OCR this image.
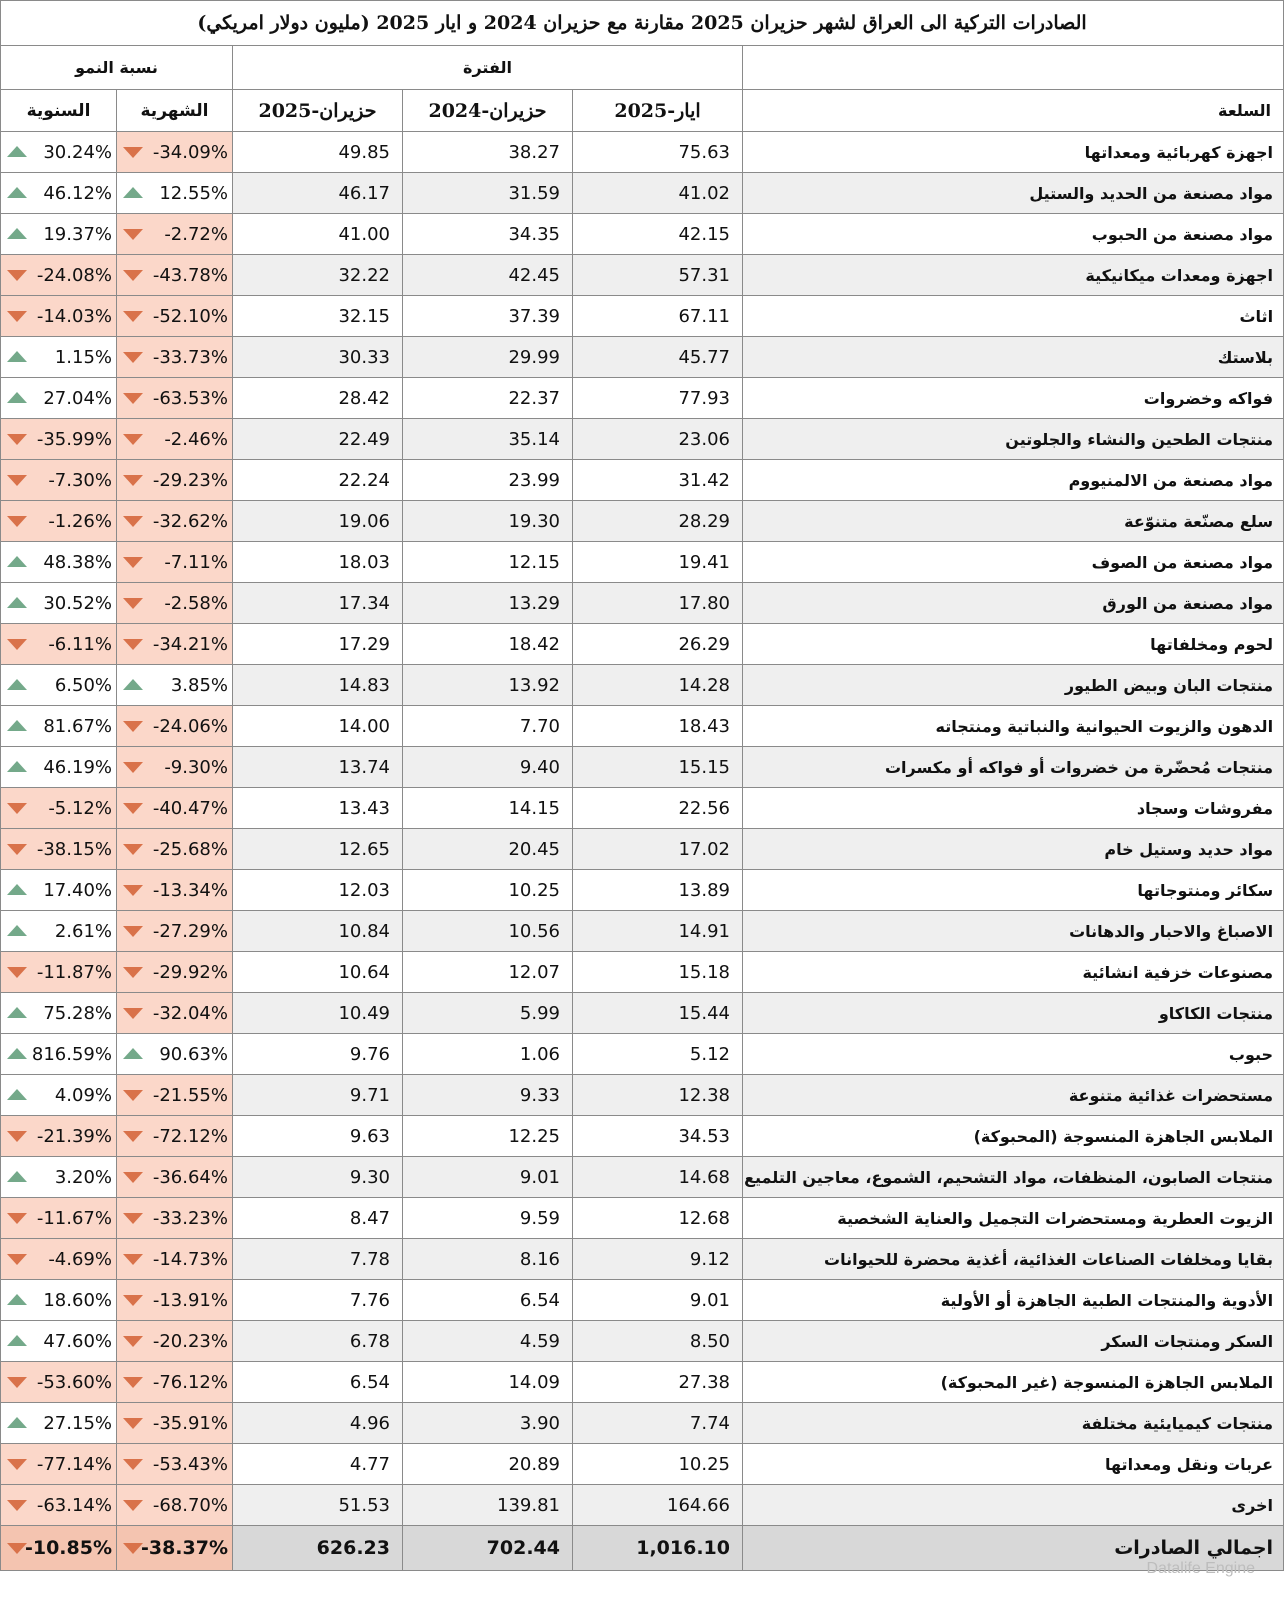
الصادرات التركية الى العراق لشهر حزيران 2025 مقارنة مع حزيران 2024 و ايار 2025 (مليون دولار امريكي)					
نسبة النمو		الفترة			
السنوية	الشهرية	حزيران-2025	حزيران-2024	ايار-2025	السلعة

30.24%	-34.09%	49.85	38.27	75.63	اجهزة كهربائية ومعداتها

46.12%	12.55%	46.17	31.59	41.02	مواد مصنعة من الحديد والستيل

19.37%	-2.72%	41.00	34.35	42.15	مواد مصنعة من الحبوب

-24.08%	-43.78%	32.22	42.45	57.31	اجهزة ومعدات ميكانيكية

-14.03%	-52.10%	32.15	37.39	67.11	اثاث

1.15%	-33.73%	30.33	29.99	45.77	بلاستك

27.04%	-63.53%	28.42	22.37	77.93	فواكه وخضروات

-35.99%	-2.46%	22.49	35.14	23.06	منتجات الطحين والنشاء والجلوتين

-7.30%	-29.23%	22.24	23.99	31.42	مواد مصنعة من الالمنيووم

-1.26%	-32.62%	19.06	19.30	28.29	سلع مصنّعة متنوّعة

48.38%	-7.11%	18.03	12.15	19.41	مواد مصنعة من الصوف

30.52%	-2.58%	17.34	13.29	17.80	مواد مصنعة من الورق

-6.11%	-34.21%	17.29	18.42	26.29	لحوم ومخلفاتها

6.50%	3.85%	14.83	13.92	14.28	منتجات البان وبيض الطيور

81.67%	-24.06%	14.00	7.70	18.43	الدهون والزيوت الحيوانية والنباتية ومنتجاته

46.19%	-9.30%	13.74	9.40	15.15	منتجات مُحضّرة من خضروات أو فواكه أو مكسرات

-5.12%	-40.47%	13.43	14.15	22.56	مفروشات وسجاد

-38.15%	-25.68%	12.65	20.45	17.02	مواد حديد وستيل خام

17.40%	-13.34%	12.03	10.25	13.89	سكائر ومنتوجاتها

2.61%	-27.29%	10.84	10.56	14.91	الاصباغ والاحبار والدهانات

-11.87%	-29.92%	10.64	12.07	15.18	مصنوعات خزفية انشائية

75.28%	-32.04%	10.49	5.99	15.44	منتجات الكاكاو

816.59%	90.63%	9.76	1.06	5.12	حبوب

4.09%	-21.55%	9.71	9.33	12.38	مستحضرات غذائية متنوعة

-21.39%	-72.12%	9.63	12.25	34.53	الملابس الجاهزة المنسوجة (المحبوكة)

3.20%	-36.64%	9.30	9.01	14.68	منتجات الصابون، المنظفات، مواد التشحيم، الشموع، معاجين التلميع

-11.67%	-33.23%	8.47	9.59	12.68	الزيوت العطرية ومستحضرات التجميل والعناية الشخصية

-4.69%	-14.73%	7.78	8.16	9.12	بقايا ومخلفات الصناعات الغذائية، أغذية محضرة للحيوانات

18.60%	-13.91%	7.76	6.54	9.01	الأدوية والمنتجات الطبية الجاهزة أو الأولية

47.60%	-20.23%	6.78	4.59	8.50	السكر ومنتجات السكر

-53.60%	-76.12%	6.54	14.09	27.38	الملابس الجاهزة المنسوجة (غير المحبوكة)

27.15%	-35.91%	4.96	3.90	7.74	منتجات كيميايئية مختلفة

-77.14%	-53.43%	4.77	20.89	10.25	عربات ونقل ومعداتها

-63.14%	-68.70%	51.53	139.81	164.66	اخرى

-10.85%	-38.37%	626.23	702.44	1,016.10	اجمالي الصادرات
Datalife Engine
